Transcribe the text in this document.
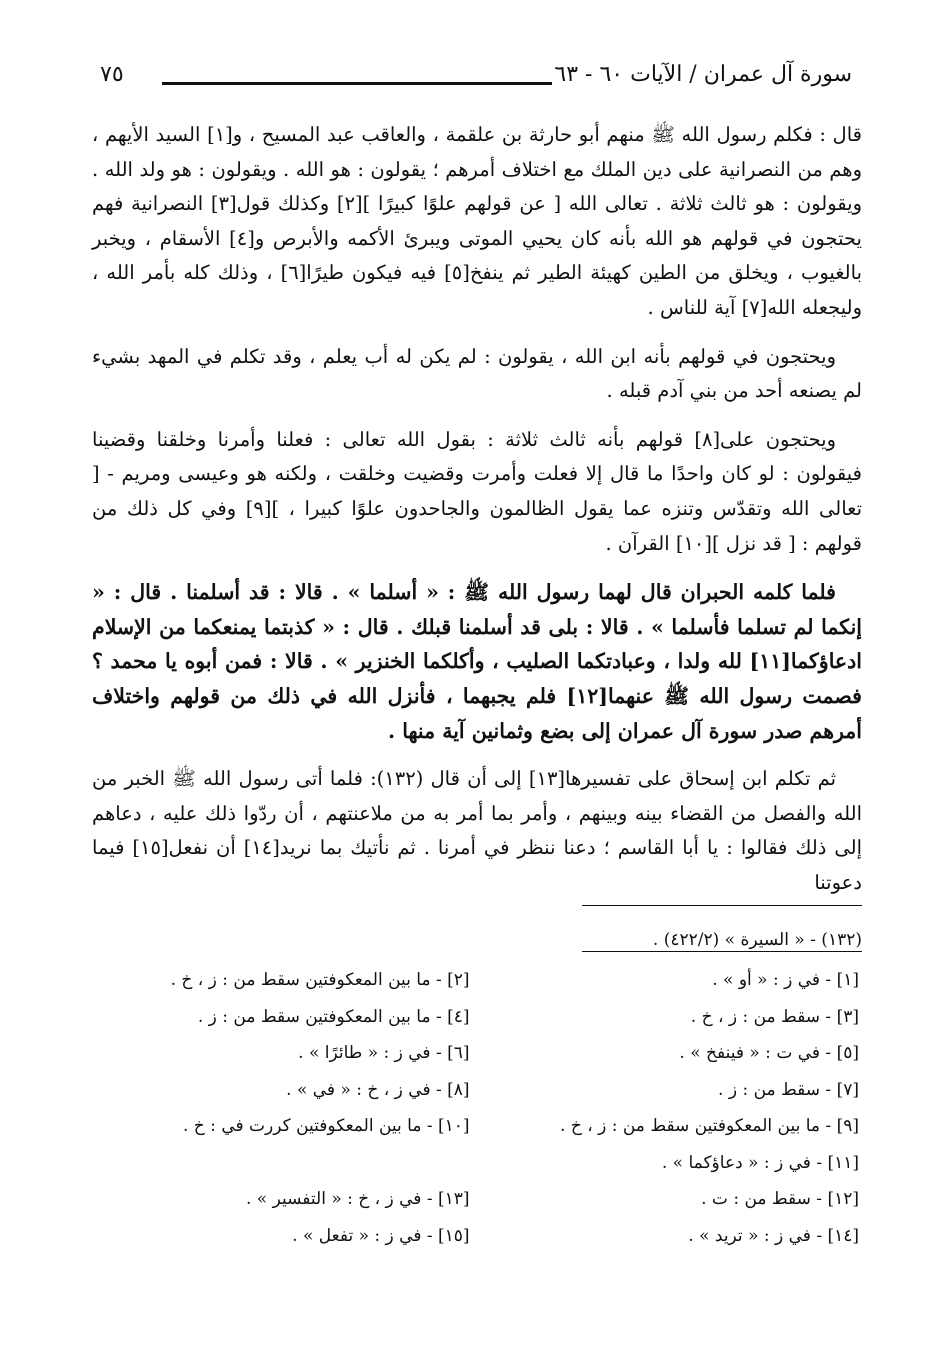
سورة آل عمران / الآيات ٦٠ - ٦٣
٧٥

قال : فكلم رسول الله ﷺ منهم أبو حارثة بن علقمة ، والعاقب عبد المسيح ، و[١] السيد الأيهم ، وهم من النصرانية على دين الملك مع اختلاف أمرهم ؛ يقولون : هو الله . ويقولون : هو ولد الله . ويقولون : هو ثالث ثلاثة . تعالى الله [ عن قولهم علوًا كبيرًا ][٢] وكذلك قول[٣] النصرانية فهم يحتجون في قولهم هو الله بأنه كان يحيي الموتى ويبرئ الأكمه والأبرص و[٤] الأسقام ، ويخبر بالغيوب ، ويخلق من الطين كهيئة الطير ثم ينفخ[٥] فيه فيكون طيرًا[٦] ، وذلك كله بأمر الله ، وليجعله الله[٧] آية للناس .

ويحتجون في قولهم بأنه ابن الله ، يقولون : لم يكن له أب يعلم ، وقد تكلم في المهد بشيء لم يصنعه أحد من بني آدم قبله .

ويحتجون على[٨] قولهم بأنه ثالث ثلاثة : بقول الله تعالى : فعلنا وأمرنا وخلقنا وقضينا فيقولون : لو كان واحدًا ما قال إلا فعلت وأمرت وقضيت وخلقت ، ولكنه هو وعيسى ومريم - [ تعالى الله وتقدّس وتنزه عما يقول الظالمون والجاحدون علوًا كبيرا ، ][٩] وفي كل ذلك من قولهم : [ قد نزل ][١٠] القرآن .

فلما كلمه الحبران قال لهما رسول الله ﷺ : « أسلما » . قالا : قد أسلمنا . قال : « إنكما لم تسلما فأسلما » . قالا : بلى قد أسلمنا قبلك . قال : « كذبتما يمنعكما من الإسلام ادعاؤكما[١١] لله ولدا ، وعبادتكما الصليب ، وأكلكما الخنزير » . قالا : فمن أبوه يا محمد ؟ فصمت رسول الله ﷺ عنهما[١٢] فلم يجبهما ، فأنزل الله في ذلك من قولهم واختلاف أمرهم صدر سورة آل عمران إلى بضع وثمانين آية منها .

ثم تكلم ابن إسحاق على تفسيرها[١٣] إلى أن قال (١٣٢): فلما أتى رسول الله ﷺ الخبر من الله والفصل من القضاء بينه وبينهم ، وأمر بما أمر به من ملاعنتهم ، أن ردّوا ذلك عليه ، دعاهم إلى ذلك فقالوا : يا أبا القاسم ؛ دعنا ننظر في أمرنا . ثم نأتيك بما نريد[١٤] أن نفعل[١٥] فيما دعوتنا

(١٣٢) - « السيرة » (٤٢٢/٢) .
[١] - في ز : « أو » .
[٢] - ما بين المعكوفتين سقط من : ز ، خ .
[٣] - سقط من : ز ، خ .
[٤] - ما بين المعكوفتين سقط من : ز .
[٥] - في ت : « فينفخ » .
[٦] - في ز : « طائرًا » .
[٧] - سقط من : ز .
[٨] - في ز ، خ : « في » .
[٩] - ما بين المعكوفتين سقط من : ز ، خ .
[١٠] - ما بين المعكوفتين كررت في : خ .
[١١] - في ز : « دعاؤكما » .
[١٢] - سقط من : ت .
[١٣] - في ز ، خ : « التفسير » .
[١٤] - في ز : « تريد » .
[١٥] - في ز : « تفعل » .
